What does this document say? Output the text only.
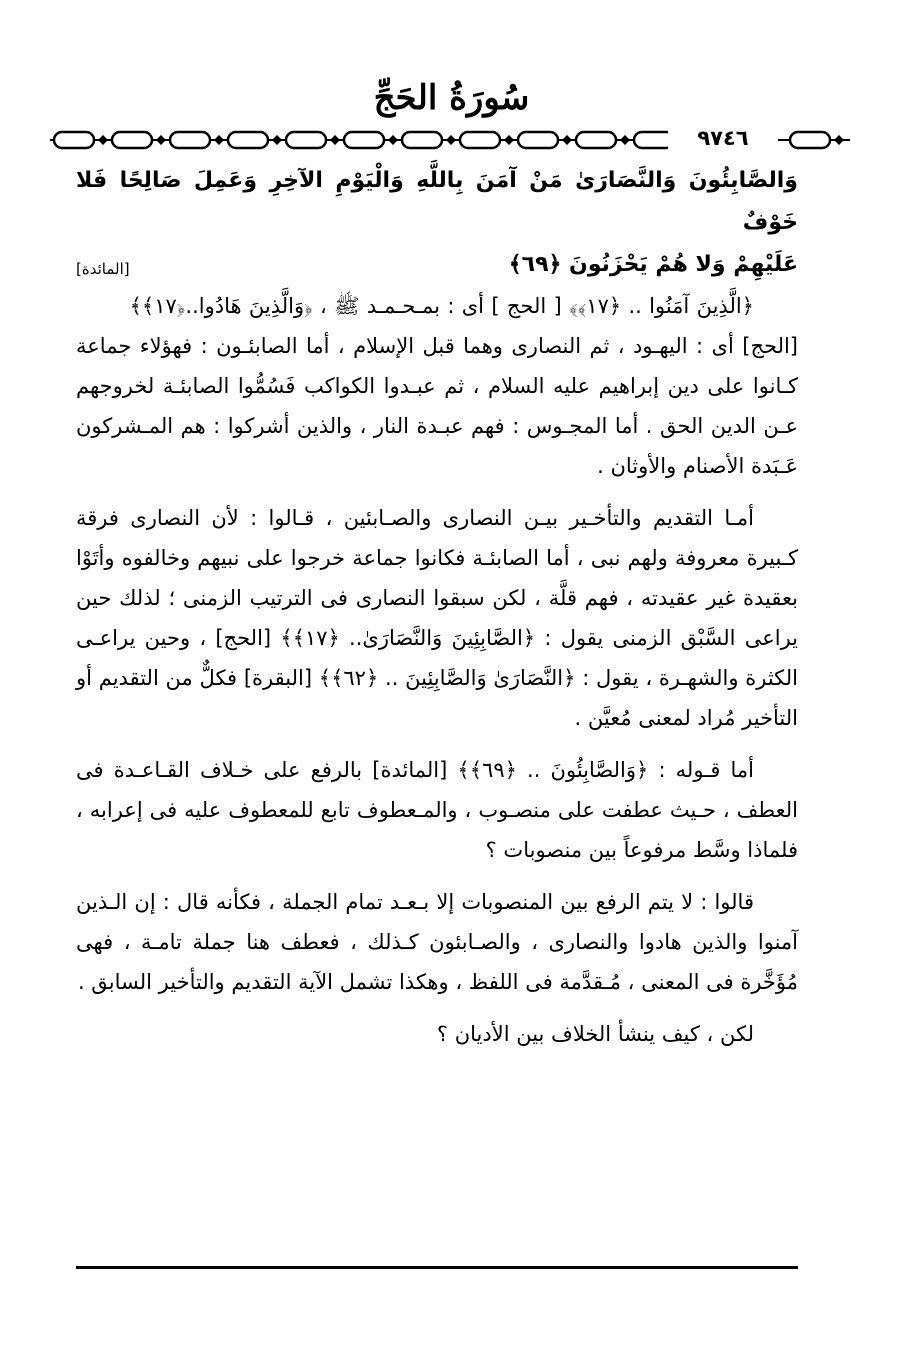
سُورَةُ الحَجِّ
٩٧٤٦
وَالصَّابِئُونَ وَالنَّصَارَىٰ مَنْ آمَنَ بِاللَّهِ وَالْيَوْمِ الآخِرِ وَعَمِلَ صَالِحًا فَلا خَوْفٌ
عَلَيْهِمْ وَلا هُمْ يَحْزَنُونَ ﴿٦٩﴾
[المائدة]

﴿الَّذِينَ آمَنُوا .. ﴿١٧﴾﴾ [ الحج ] أى : بمـحـمـد ﷺ ، ﴿وَالَّذِينَ هَادُوا..﴿١٧﴾﴾ [الحج] أى : اليهـود ، ثم النصارى وهما قبل الإسلام ، أما الصابئـون : فهؤلاء جماعة كـانوا على دين إبراهيم عليه السلام ، ثم عبـدوا الكواكب فَسُمُّوا الصابئـة لخروجهم عـن الدين الحق . أما المجـوس : فهم عبـدة النار ، والذين أشركوا : هم المـشركون عَـبَدة الأصنام والأوثان .

أمـا التقديم والتأخـير بيـن النصارى والصـابئين ، قـالوا : لأن النصارى فرقة كـبيرة معروفة ولهم نبى ، أما الصابئـة فكانوا جماعة خرجوا على نبيهم وخالفوه وأتَوْا بعقيدة غير عقيدته ، فهم قلَّة ، لكن سبقوا النصارى فى الترتيب الزمنى ؛ لذلك حين يراعى السَّبْق الزمنى يقول : ﴿الصَّابِئِينَ وَالنَّصَارَىٰ.. ﴿١٧﴾﴾ [الحج] ، وحين يراعـى الكثرة والشهـرة ، يقول : ﴿النَّصَارَىٰ وَالصَّابِئِينَ .. ﴿٦٢﴾﴾ [البقرة] فكلٌّ من التقديم أو التأخير مُراد لمعنى مُعيَّن .

أما قـوله : ﴿وَالصَّابِئُونَ .. ﴿٦٩﴾﴾ [المائدة] بالرفع على خـلاف القـاعـدة فى العطف ، حـيث عطفت على منصـوب ، والمـعطوف تابع للمعطوف عليه فى إعرابه ، فلماذا وسَّط مرفوعاً بين منصوبات ؟

قالوا : لا يتم الرفع بين المنصوبات إلا بـعـد تمام الجملة ، فكأنه قال : إن الـذين آمنوا والذين هادوا والنصارى ، والصـابئون كـذلك ، فعطف هنا جملة تامـة ، فهى مُؤَخَّرة فى المعنى ، مُـقدَّمة فى اللفظ ، وهكذا تشمل الآية التقديم والتأخير السابق .

لكن ، كيف ينشأ الخلاف بين الأديان ؟
